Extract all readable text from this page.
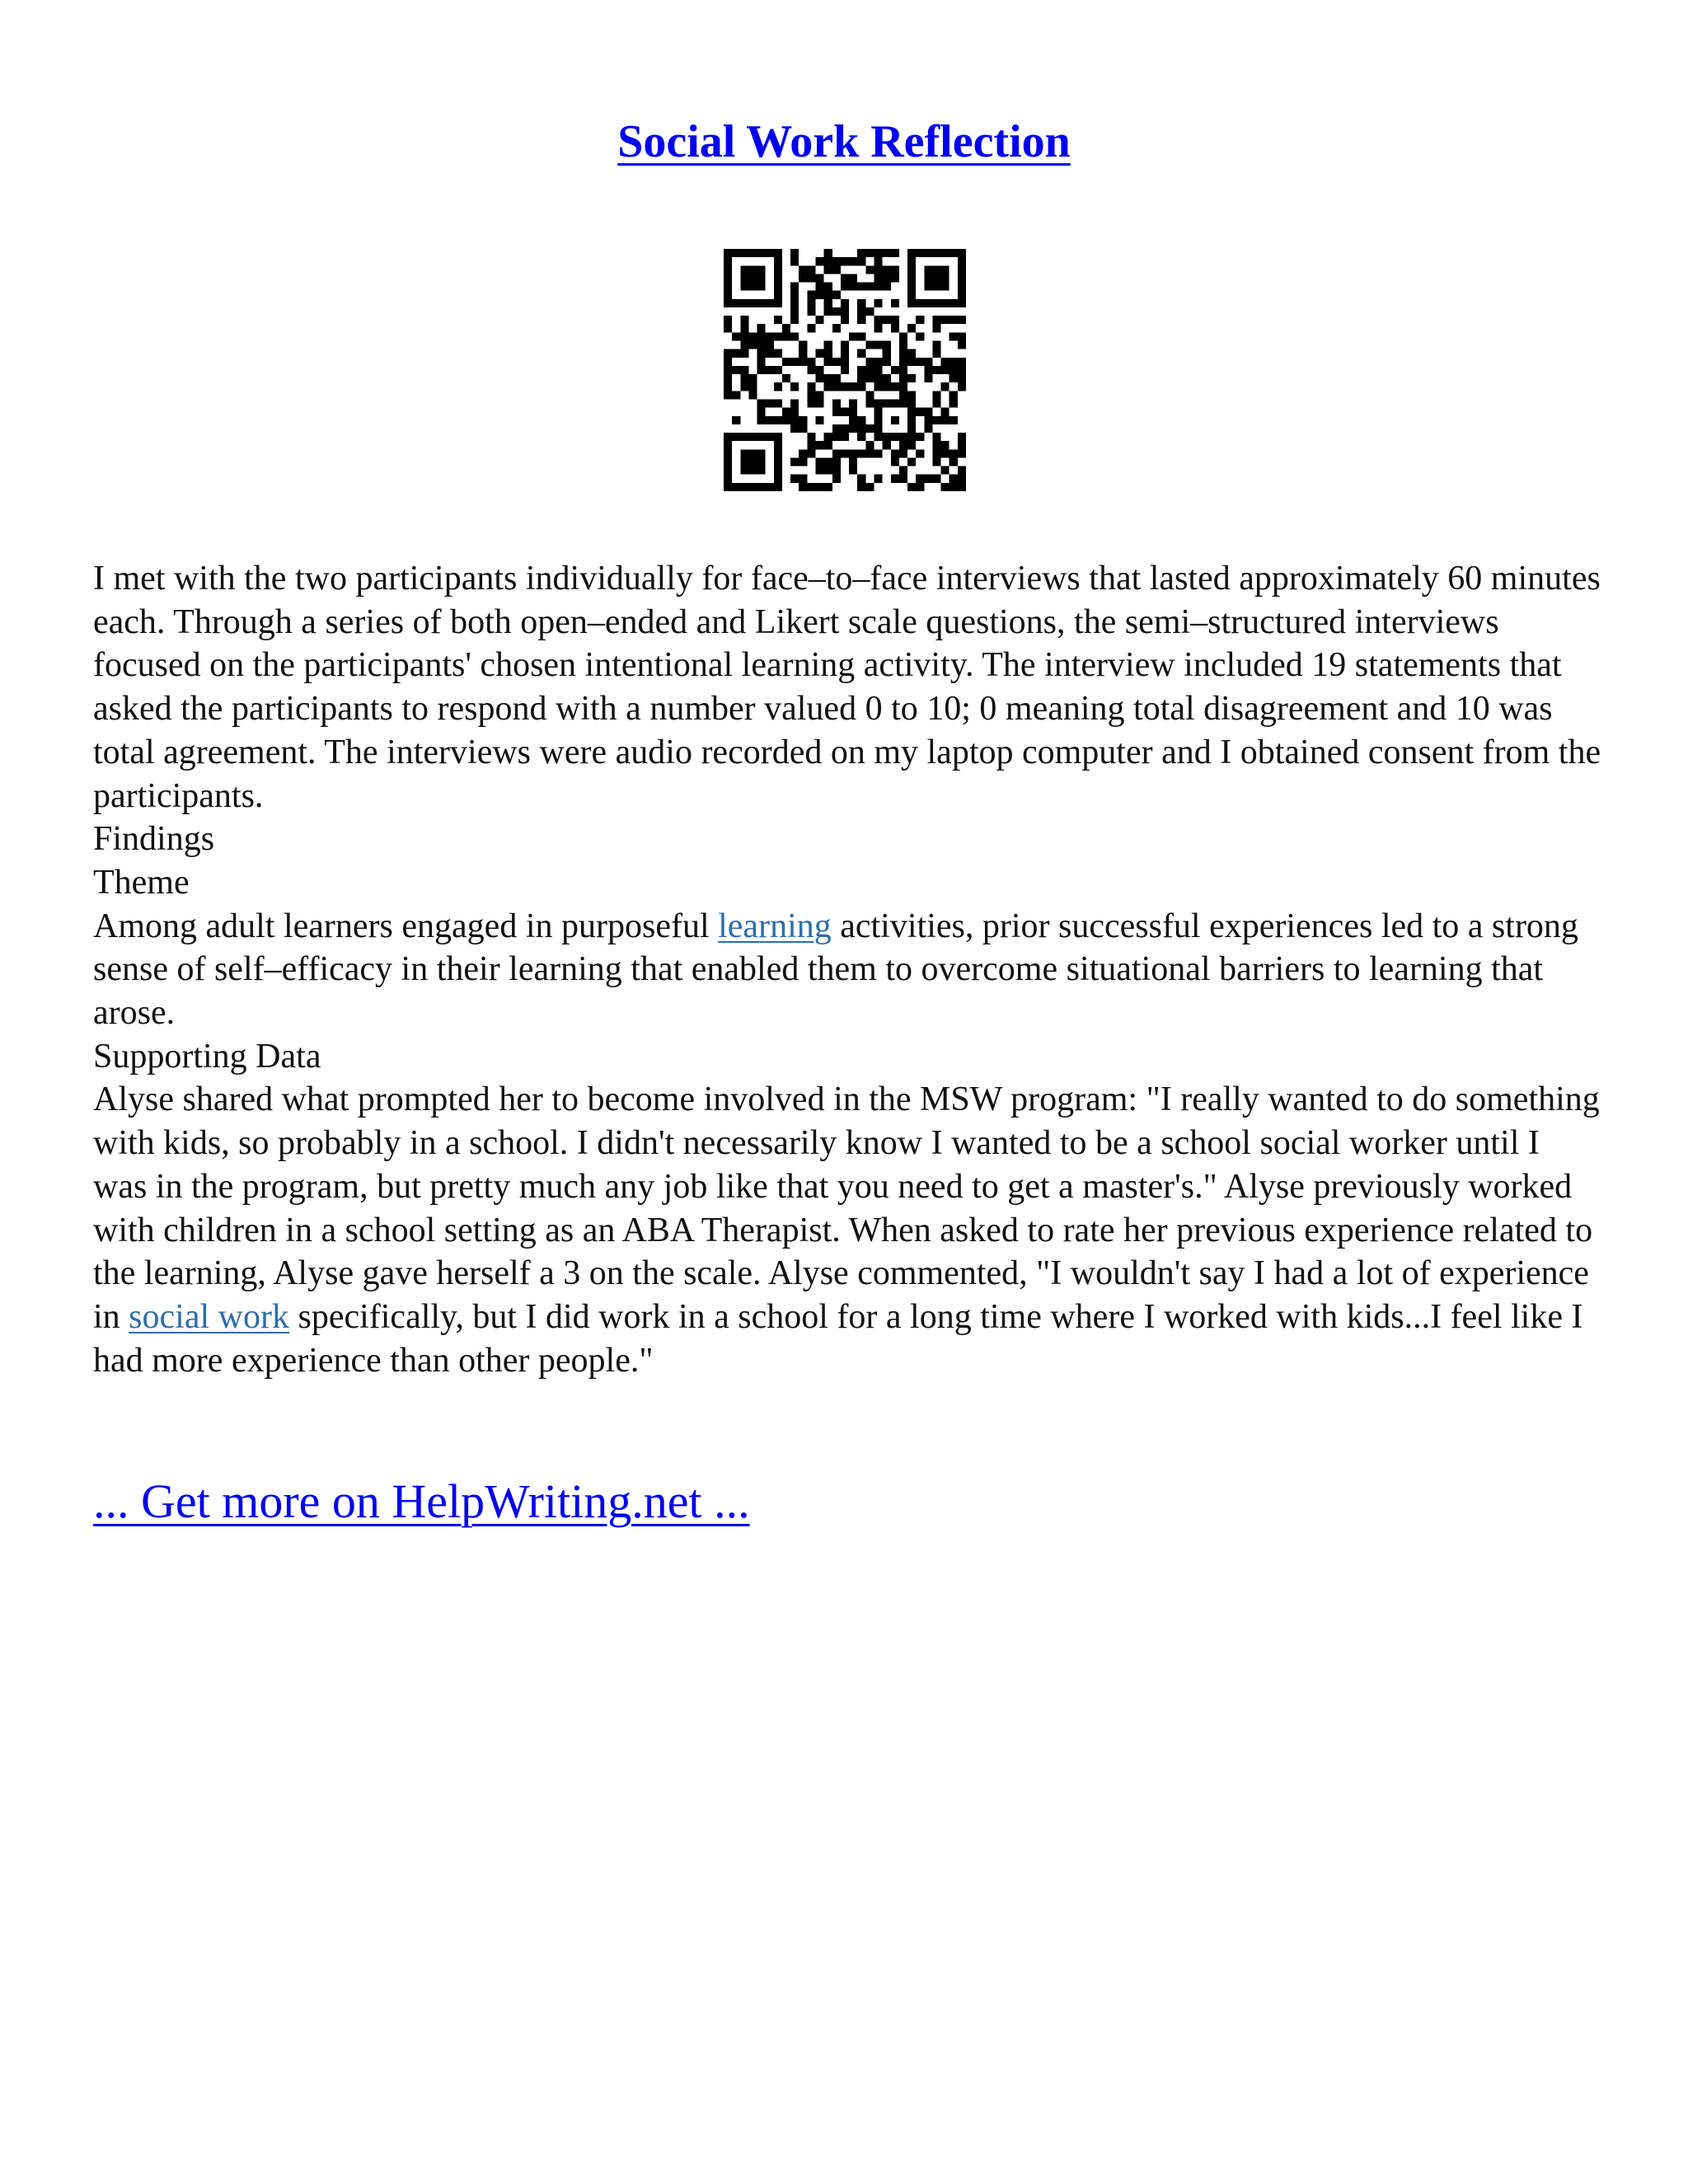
Social Work Reflection

I met with the two participants individually for face–to–face interviews that lasted approximately 60 minutes each. Through a series of both open–ended and Likert scale questions, the semi–structured interviews focused on the participants' chosen intentional learning activity. The interview included 19 statements that asked the participants to respond with a number valued 0 to 10; 0 meaning total disagreement and 10 was total agreement. The interviews were audio recorded on my laptop computer and I obtained consent from the participants.

Findings

Theme

Among adult learners engaged in purposeful learning activities, prior successful experiences led to a strong sense of self–efficacy in their learning that enabled them to overcome situational barriers to learning that arose.

Supporting Data

Alyse shared what prompted her to become involved in the MSW program: "I really wanted to do something with kids, so probably in a school. I didn't necessarily know I wanted to be a school social worker until I was in the program, but pretty much any job like that you need to get a master's." Alyse previously worked with children in a school setting as an ABA Therapist. When asked to rate her previous experience related to the learning, Alyse gave herself a 3 on the scale. Alyse commented, "I wouldn't say I had a lot of experience in social work specifically, but I did work in a school for a long time where I worked with kids...I feel like I had more experience than other people."

... Get more on HelpWriting.net ...
